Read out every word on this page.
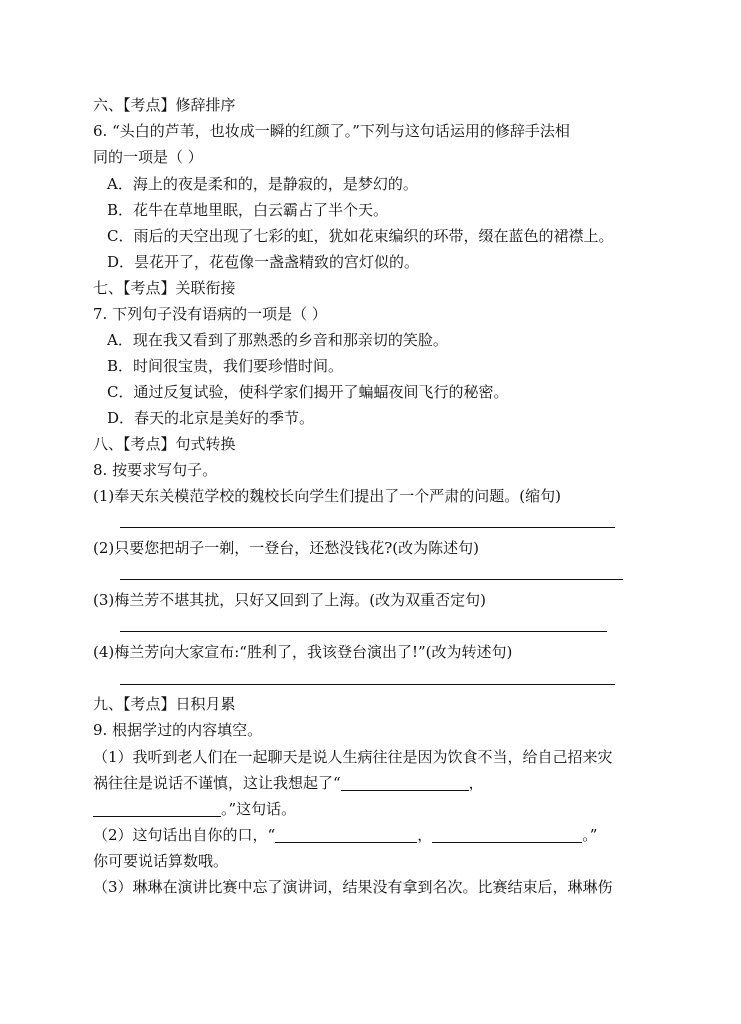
六、【考点】修辞排序
6. “头白的芦苇，也妆成一瞬的红颜了。”下列与这句话运用的修辞手法相
同的一项是（ ）
A．海上的夜是柔和的，是静寂的，是梦幻的。
B．花牛在草地里眠，白云霸占了半个天。
C．雨后的天空出现了七彩的虹，犹如花束编织的环带，缀在蓝色的裙襟上。
D．昙花开了，花苞像一盏盏精致的宫灯似的。
七、【考点】关联衔接
7. 下列句子没有语病的一项是（ ）
A．现在我又看到了那熟悉的乡音和那亲切的笑脸。
B．时间很宝贵，我们要珍惜时间。
C．通过反复试验，使科学家们揭开了蝙蝠夜间飞行的秘密。
D．春天的北京是美好的季节。
八、【考点】句式转换
8. 按要求写句子。
(1)奉天东关模范学校的魏校长向学生们提出了一个严肃的问题。(缩句)
(2)只要您把胡子一剃，一登台，还愁没钱花?(改为陈述句)
(3)梅兰芳不堪其扰，只好又回到了上海。(改为双重否定句)
(4)梅兰芳向大家宣布:“胜利了，我该登台演出了!”(改为转述句)
九、【考点】日积月累
9. 根据学过的内容填空。
（1）我听到老人们在一起聊天是说人生病往往是因为饮食不当，给自己招来灾
祸往往是说话不谨慎，这让我想起了“	，
。”这句话。
（2）这句话出自你的口，“	，	。”
你可要说话算数哦。
（3）琳琳在演讲比赛中忘了演讲词，结果没有拿到名次。比赛结束后，琳琳伤
